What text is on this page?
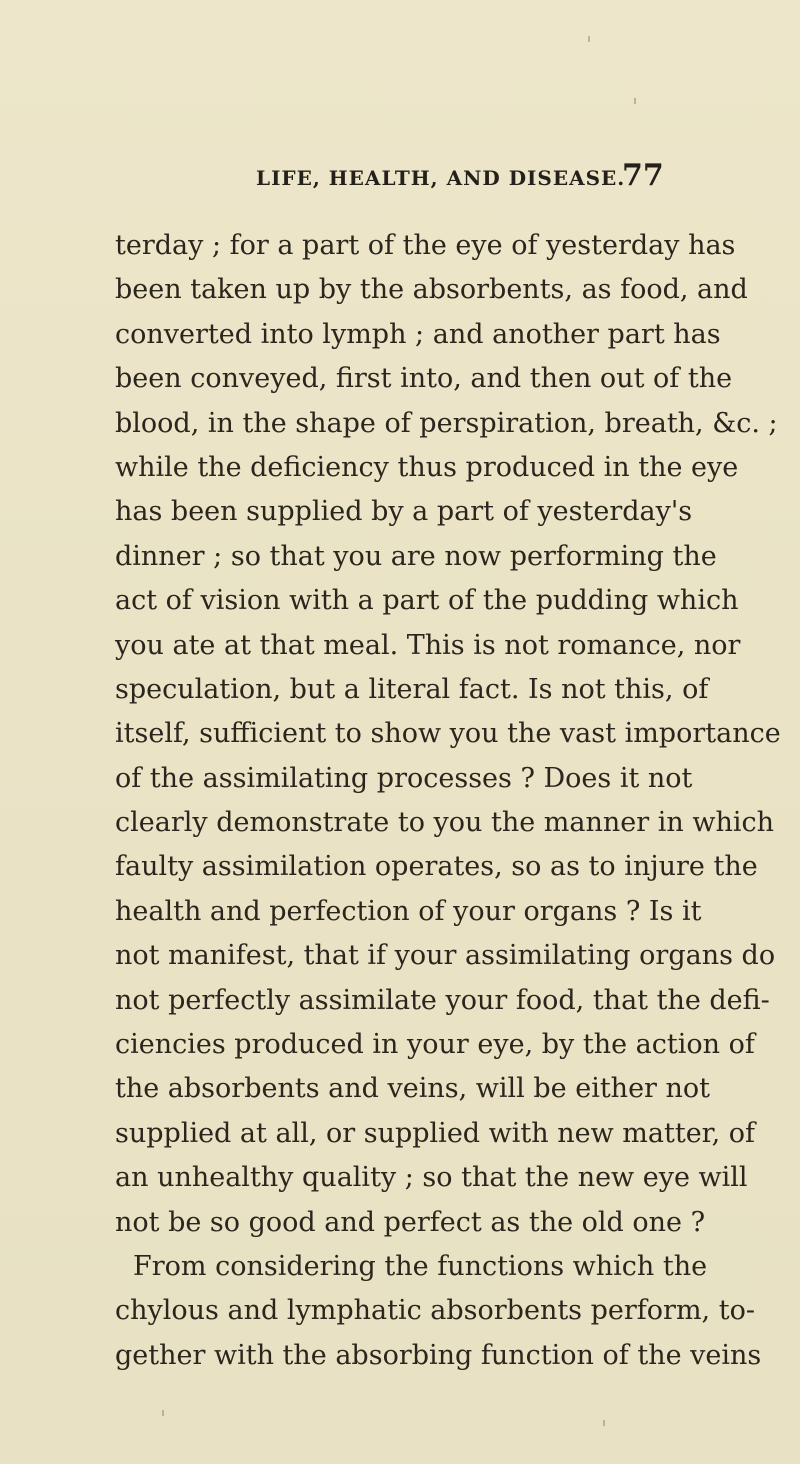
LIFE, HEALTH, AND DISEASE.
77
terday ; for a part of the eye of yesterday has
been taken up by the absorbents, as food, and
converted into lymph ; and another part has
been conveyed, first into, and then out of the
blood, in the shape of perspiration, breath, &c. ;
while the deficiency thus produced in the eye
has been supplied by a part of yesterday's
dinner ; so that you are now performing the
act of vision with a part of the pudding which
you ate at that meal. This is not romance, nor
speculation, but a literal fact. Is not this, of
itself, sufficient to show you the vast importance
of the assimilating processes ? Does it not
clearly demonstrate to you the manner in which
faulty assimilation operates, so as to injure the
health and perfection of your organs ? Is it
not manifest, that if your assimilating organs do
not perfectly assimilate your food, that the defi-
ciencies produced in your eye, by the action of
the absorbents and veins, will be either not
supplied at all, or supplied with new matter, of
an unhealthy quality ; so that the new eye will
not be so good and perfect as the old one ?
From considering the functions which the
chylous and lymphatic absorbents perform, to-
gether with the absorbing function of the veins
